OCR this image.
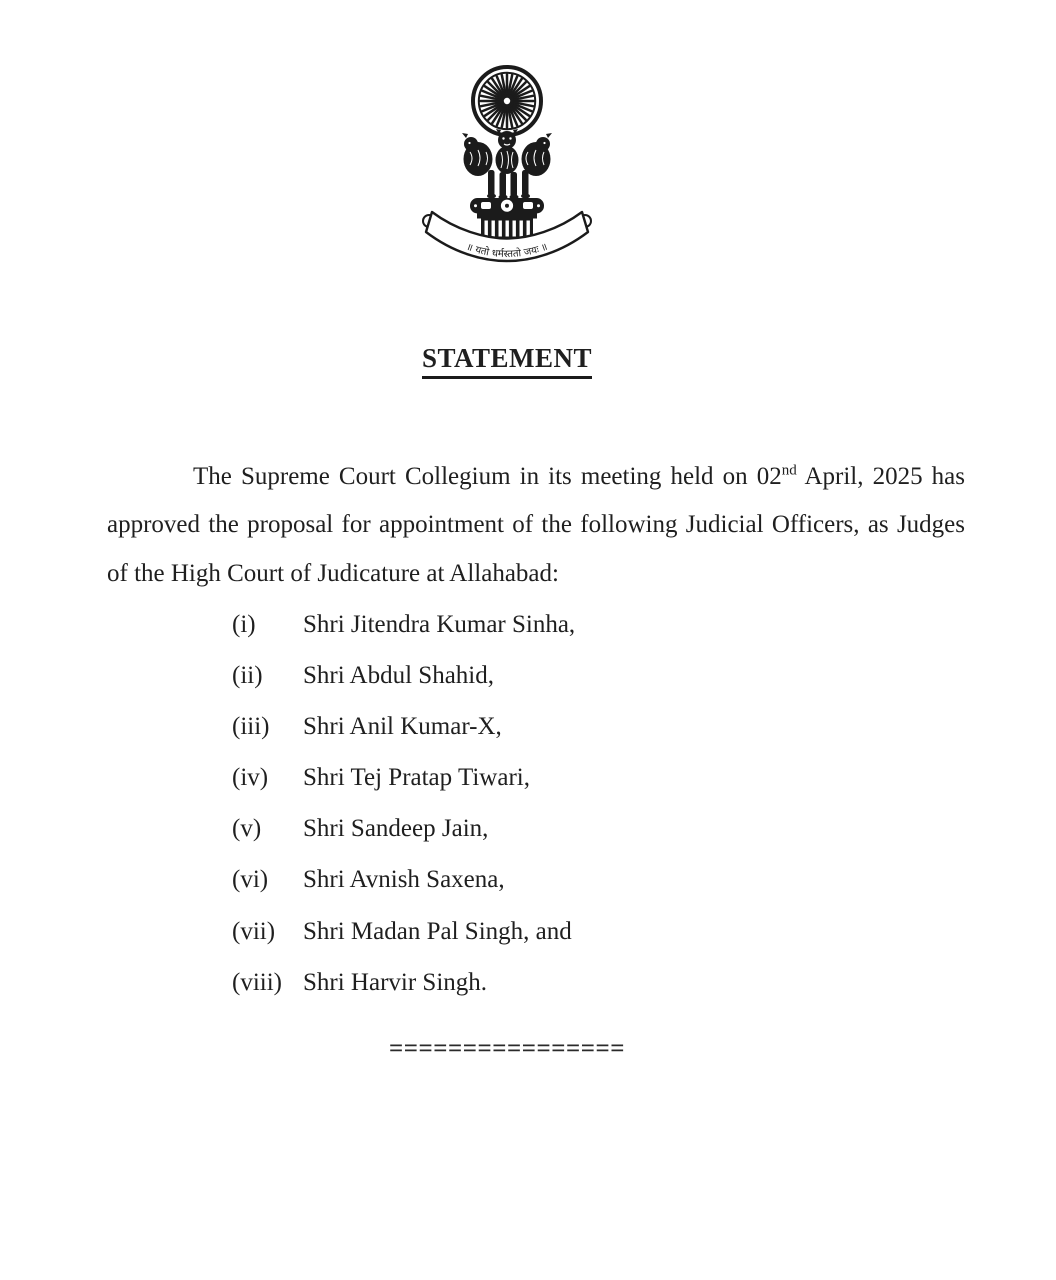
॥ यतो धर्मस्ततो जयः ॥
STATEMENT

The Supreme Court Collegium in its meeting held on 02nd April, 2025 has approved the proposal for appointment of the following Judicial Officers, as Judges of the High Court of Judicature at Allahabad:

(i)	Shri Jitendra Kumar Sinha,
(ii)	Shri Abdul Shahid,
(iii)	Shri Anil Kumar-X,
(iv)	Shri Tej Pratap Tiwari,
(v)	Shri Sandeep Jain,
(vi)	Shri Avnish Saxena,
(vii)	Shri Madan Pal Singh, and
(viii) Shri Harvir Singh.
================
